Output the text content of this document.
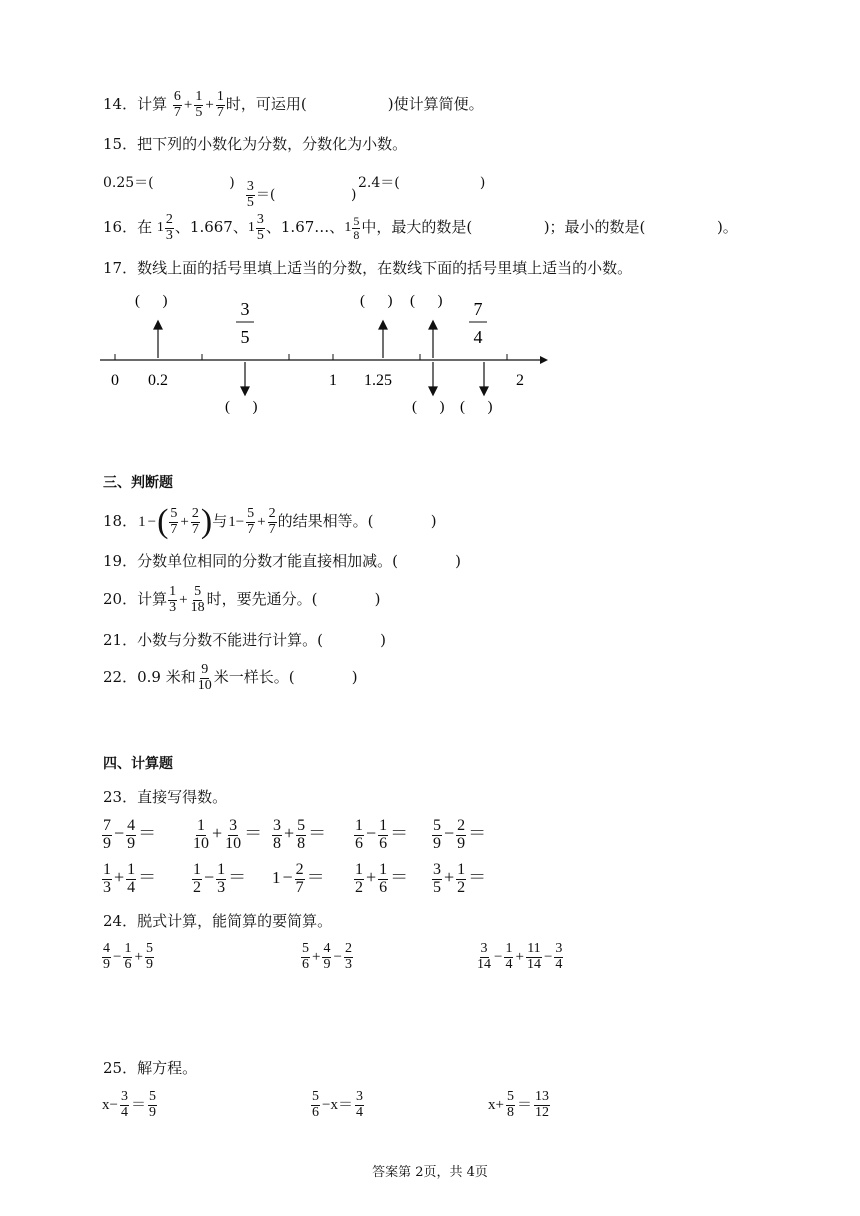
14．计算 $\frac{6}{7} + \frac{1}{5} + \frac{1}{7}$ 时，可运用(	)使计算简便。
15．把下列的小数化为分数，分数化为小数。
0.25＝(                 )

$\frac{3}{5}$ ＝(                 )

2.4＝(                  )
16．在 $1 \frac{2}{3}$ 、1.667、 $1 \frac{3}{5}$ 、1.67…、 $1 \frac{5}{8}$ 中，最大的数是(	)；最小的数是(	)。
17．数线上面的括号里填上适当的分数，在数线下面的括号里填上适当的小数。
0 0.2	1 1.25	2
3
5
7
4
(      )	(      ) (      )
(      )	(      ) (      )
三、判断题
18．1 −( $\frac{5}{7} + \frac{2}{7}$ )与$1- \frac{5}{7} + \frac{2}{7}$ 的结果相等。(	)
19．分数单位相同的分数才能直接相加减。(	)
20．计算 $\frac{1}{3} + \frac{5}{18}$ 时，要先通分。(	)
21．小数与分数不能进行计算。(	)
22．0.9 米和 $\frac{9}{10}$ 米一样长。(	)
四、计算题
23．直接写得数。
$\frac{7}{9} - \frac{4}{9} = \frac{1}{10} + \frac{3}{10} = \frac{3}{8} + \frac{5}{8} = \frac{1}{6} - \frac{1}{6} = \frac{5}{9} - \frac{2}{9}$ ＝
$\frac{1}{3} + \frac{1}{4} = \frac{1}{2} - \frac{1}{3} = 1 - \frac{2}{7} = \frac{1}{2} + \frac{1}{6} = \frac{3}{5} + \frac{1}{2}$ ＝
24．脱式计算，能简算的要简算。
$\frac{4}{9} - \frac{1}{6} + \frac{5}{9}$	$\frac{5}{6} + \frac{4}{9} - \frac{2}{3}$	$\frac{3}{14} - \frac{1}{4} + \frac{11}{14} - \frac{3}{4}$
25．解方程。
$x- \frac{3}{4} = \frac{5}{9}$	$\frac{5}{6} -x= \frac{3}{4}$	$x+ \frac{5}{8} = \frac{13}{12}$
答案第 2页，共 4页
